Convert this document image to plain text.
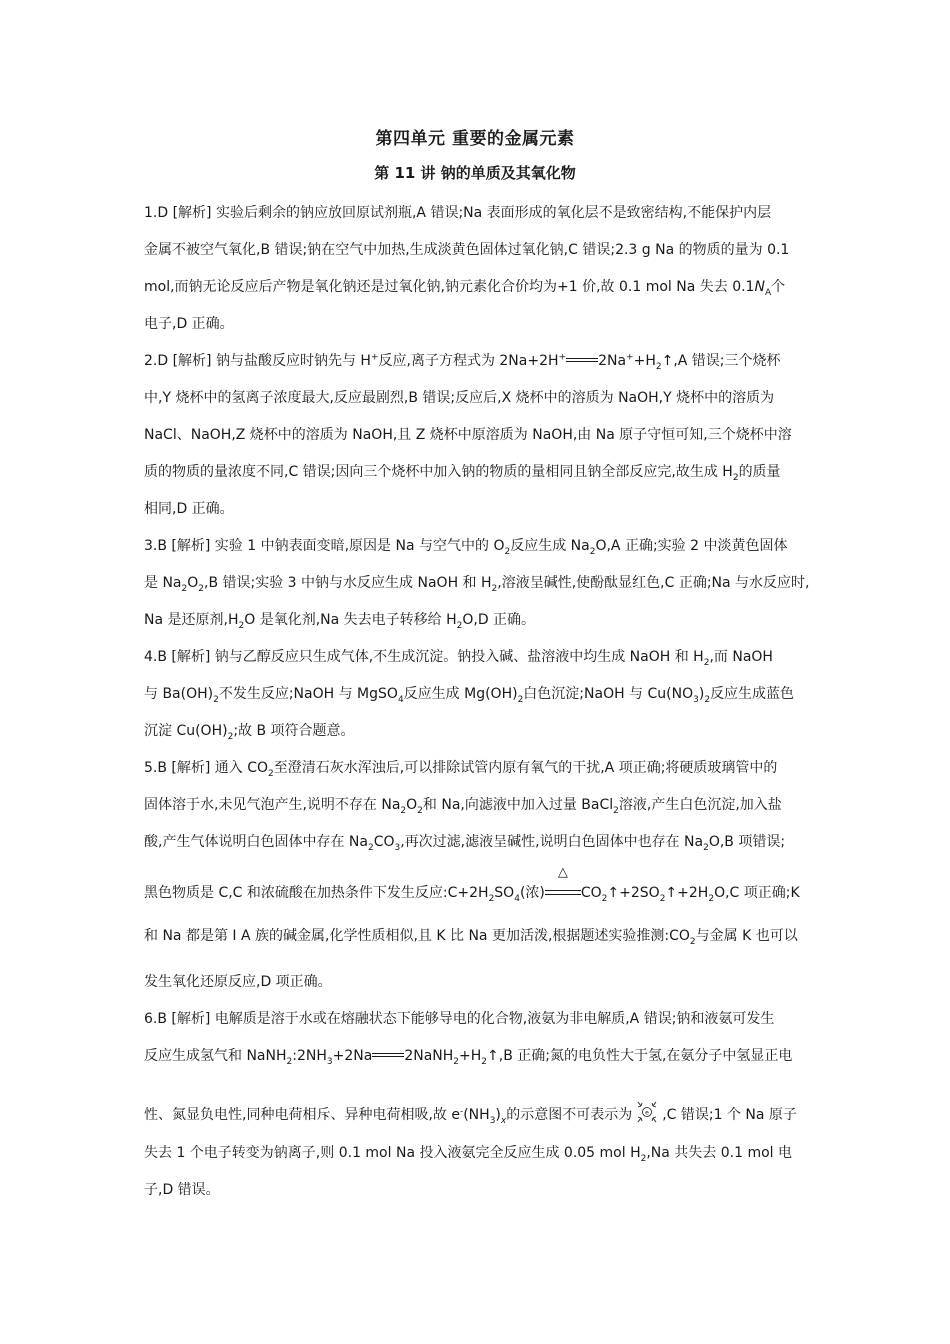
第四单元 重要的金属元素
第 11 讲 钠的单质及其氧化物
1.D [解析] 实验后剩余的钠应放回原试剂瓶,A 错误;Na 表面形成的氧化层不是致密结构,不能保护内层
金属不被空气氧化,B 错误;钠在空气中加热,生成淡黄色固体过氧化钠,C 错误;2.3 g Na 的物质的量为 0.1
mol,而钠无论反应后产物是氧化钠还是过氧化钠,钠元素化合价均为+1 价,故 0.1 mol Na 失去 $0.1N_A$个
电子,D 正确。
2.D [解析] 钠与盐酸反应时钠先与 H+反应,离子方程式为 2Na+2H+ $2Na^++H_2↑,A$ 错误;三个烧杯
中,Y 烧杯中的氢离子浓度最大,反应最剧烈,B 错误;反应后,X 烧杯中的溶质为 NaOH,Y 烧杯中的溶质为
NaCl、NaOH,Z 烧杯中的溶质为 NaOH,且 Z 烧杯中原溶质为 NaOH,由 Na 原子守恒可知,三个烧杯中溶
质的物质的量浓度不同,C 错误;因向三个烧杯中加入钠的物质的量相同且钠全部反应完,故生成 $H_2$的质量
相同,D 正确。
3.B [解析] 实验 1 中钠表面变暗,原因是 Na 与空气中的 $O_2$反应生成 $Na_2O,A$ 正确;实验 2 中淡黄色固体
是 $Na_2O_2,B$ 错误;实验 3 中钠与水反应生成 NaOH 和 $H_2$,溶液呈碱性,使酚酞显红色,C 正确;Na 与水反应时,
Na 是还原剂$,H_2O$ 是氧化剂,Na 失去电子转移给 $H_2O,D$ 正确。
4.B [解析] 钠与乙醇反应只生成气体,不生成沉淀。钠投入碱、盐溶液中均生成 NaOH 和 $H_2$,而 NaOH
与 $Ba(OH)_2$不发生反应;NaOH 与 MgSO$_4$反应生成 $Mg(OH)_2$白色沉淀;NaOH 与 $Cu(NO_3)_2$反应生成蓝色
沉淀 $Cu(OH)_2$;故 B 项符合题意。
5.B [解析] 通入 $CO_2$至澄清石灰水浑浊后,可以排除试管内原有氧气的干扰,A 项正确;将硬质玻璃管中的
固体溶于水,未见气泡产生,说明不存在 $Na_2O_2$和 Na,向滤液中加入过量 BaCl$_2$溶液,产生白色沉淀,加入盐
酸,产生气体说明白色固体中存在 $Na_2CO_3$,再次过滤,滤液呈碱性,说明白色固体中也存在 $Na_2O,B$ 项错误;
黑色物质是 C,C 和浓硫酸在加热条件下发生反应$:C+2H_2SO_4$(浓)
△
$CO_2↑+2SO_2↑+2H_2O,C$ 项正确;K
和 Na 都是第 Ⅰ A 族的碱金属,化学性质相似,且 K 比 Na 更加活泼,根据题述实验推测$:CO_2$与金属 K 也可以
发生氧化还原反应,D 项正确。
6.B [解析] 电解质是溶于水或在熔融状态下能够导电的化合物,液氨为非电解质,A 错误;钠和液氨可发生
反应生成氢气和 $NaNH_2:2NH_3+2Na$ $2NaNH_2+H_2↑,B$ 正确;氮的电负性大于氢,在氨分子中氢显正电
性、氮显负电性,同种电荷相斥、异种电荷相吸,故 $e^-(NH_3)_x$的示意图不可表示为 e ,C 错误;1 个 Na 原子
失去 1 个电子转变为钠离子,则 0.1 mol Na 投入液氨完全反应生成 0.05 mol $H_2,Na$ 共失去 0.1 mol 电
子,D 错误。
